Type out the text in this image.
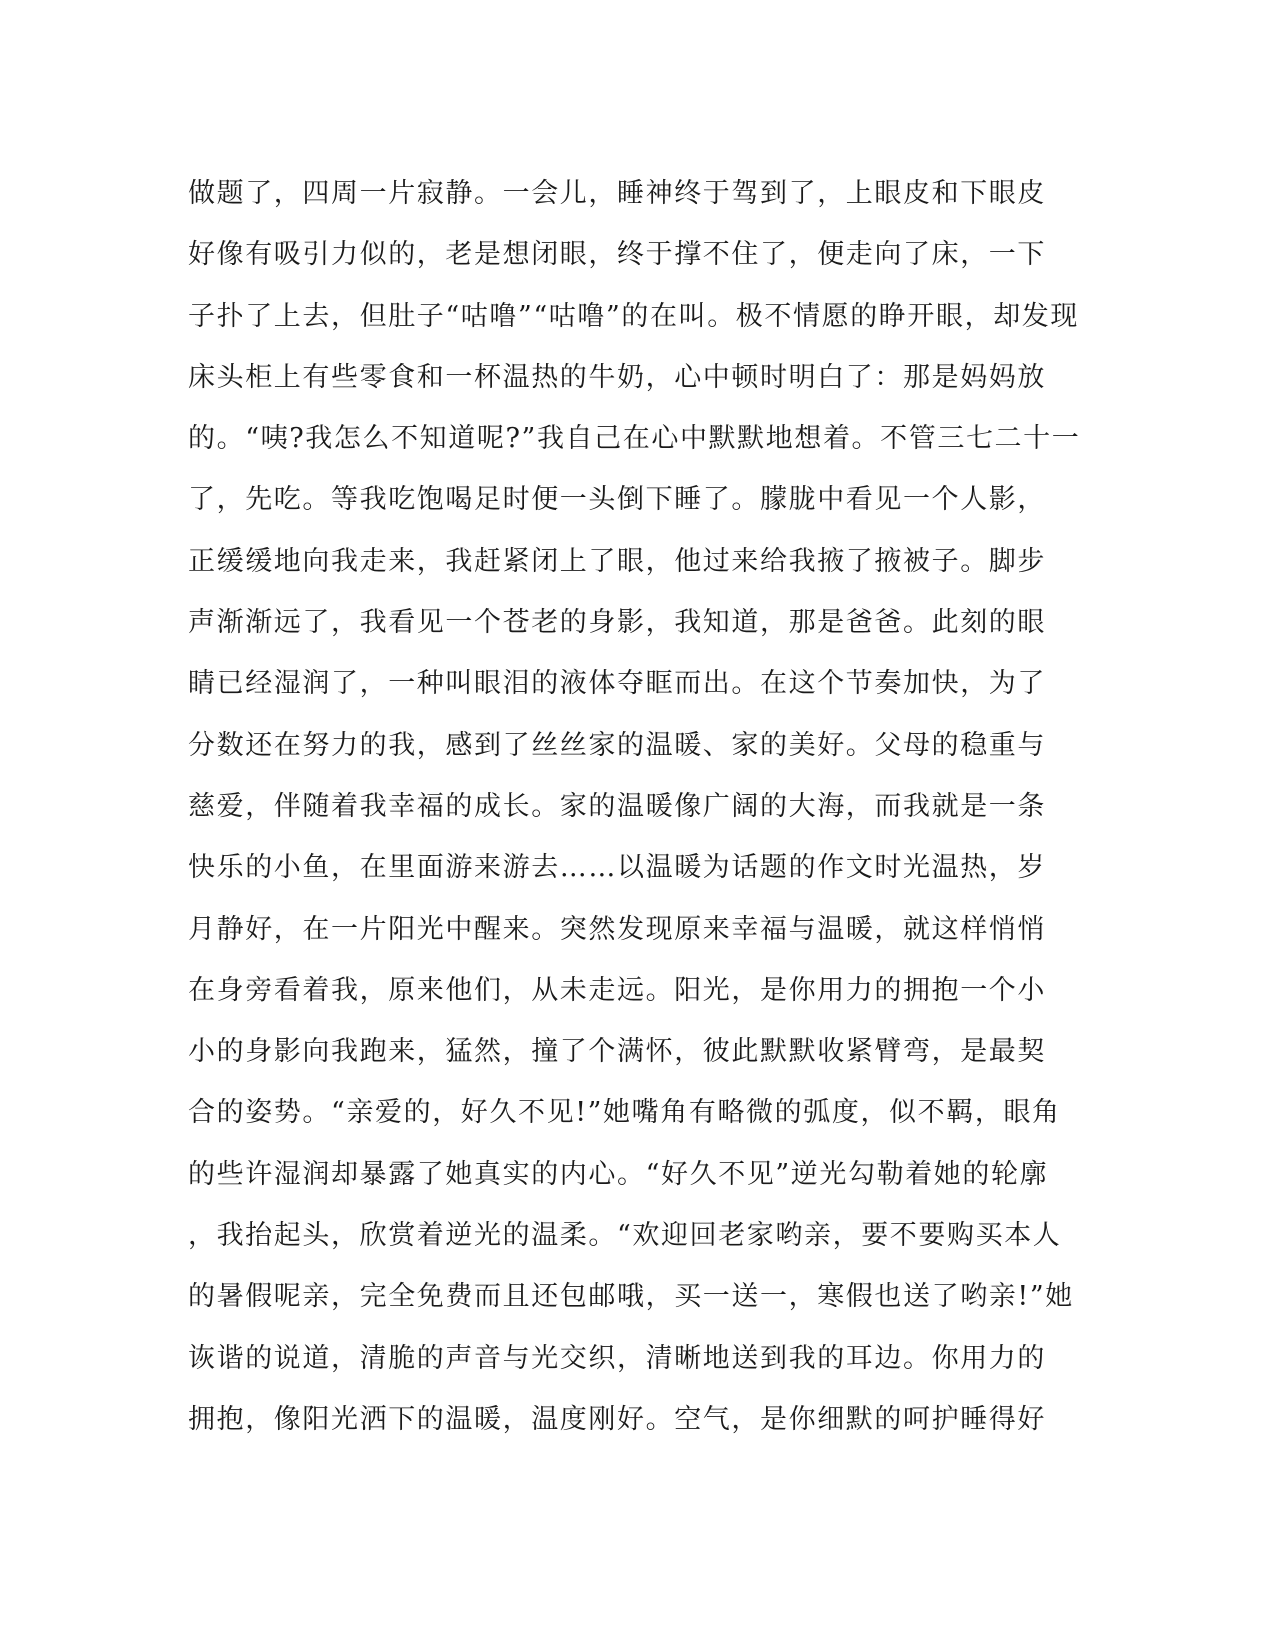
做题了，四周一片寂静。一会儿，睡神终于驾到了，上眼皮和下眼皮
好像有吸引力似的，老是想闭眼，终于撑不住了，便走向了床，一下
子扑了上去，但肚子“咕噜”“咕噜”的在叫。极不情愿的睁开眼，却发现
床头柜上有些零食和一杯温热的牛奶，心中顿时明白了：那是妈妈放
的。“咦?我怎么不知道呢?”我自己在心中默默地想着。不管三七二十一
了，先吃。等我吃饱喝足时便一头倒下睡了。朦胧中看见一个人影，
正缓缓地向我走来，我赶紧闭上了眼，他过来给我掖了掖被子。脚步
声渐渐远了，我看见一个苍老的身影，我知道，那是爸爸。此刻的眼
睛已经湿润了，一种叫眼泪的液体夺眶而出。在这个节奏加快，为了
分数还在努力的我，感到了丝丝家的温暖、家的美好。父母的稳重与
慈爱，伴随着我幸福的成长。家的温暖像广阔的大海，而我就是一条
快乐的小鱼，在里面游来游去……以温暖为话题的作文时光温热，岁
月静好，在一片阳光中醒来。突然发现原来幸福与温暖，就这样悄悄
在身旁看着我，原来他们，从未走远。阳光，是你用力的拥抱一个小
小的身影向我跑来，猛然，撞了个满怀，彼此默默收紧臂弯，是最契
合的姿势。“亲爱的，好久不见!”她嘴角有略微的弧度，似不羁，眼角
的些许湿润却暴露了她真实的内心。“好久不见”逆光勾勒着她的轮廓
，我抬起头，欣赏着逆光的温柔。“欢迎回老家哟亲，要不要购买本人
的暑假呢亲，完全免费而且还包邮哦，买一送一，寒假也送了哟亲!”她
诙谐的说道，清脆的声音与光交织，清晰地送到我的耳边。你用力的
拥抱，像阳光洒下的温暖，温度刚好。空气，是你细默的呵护睡得好
